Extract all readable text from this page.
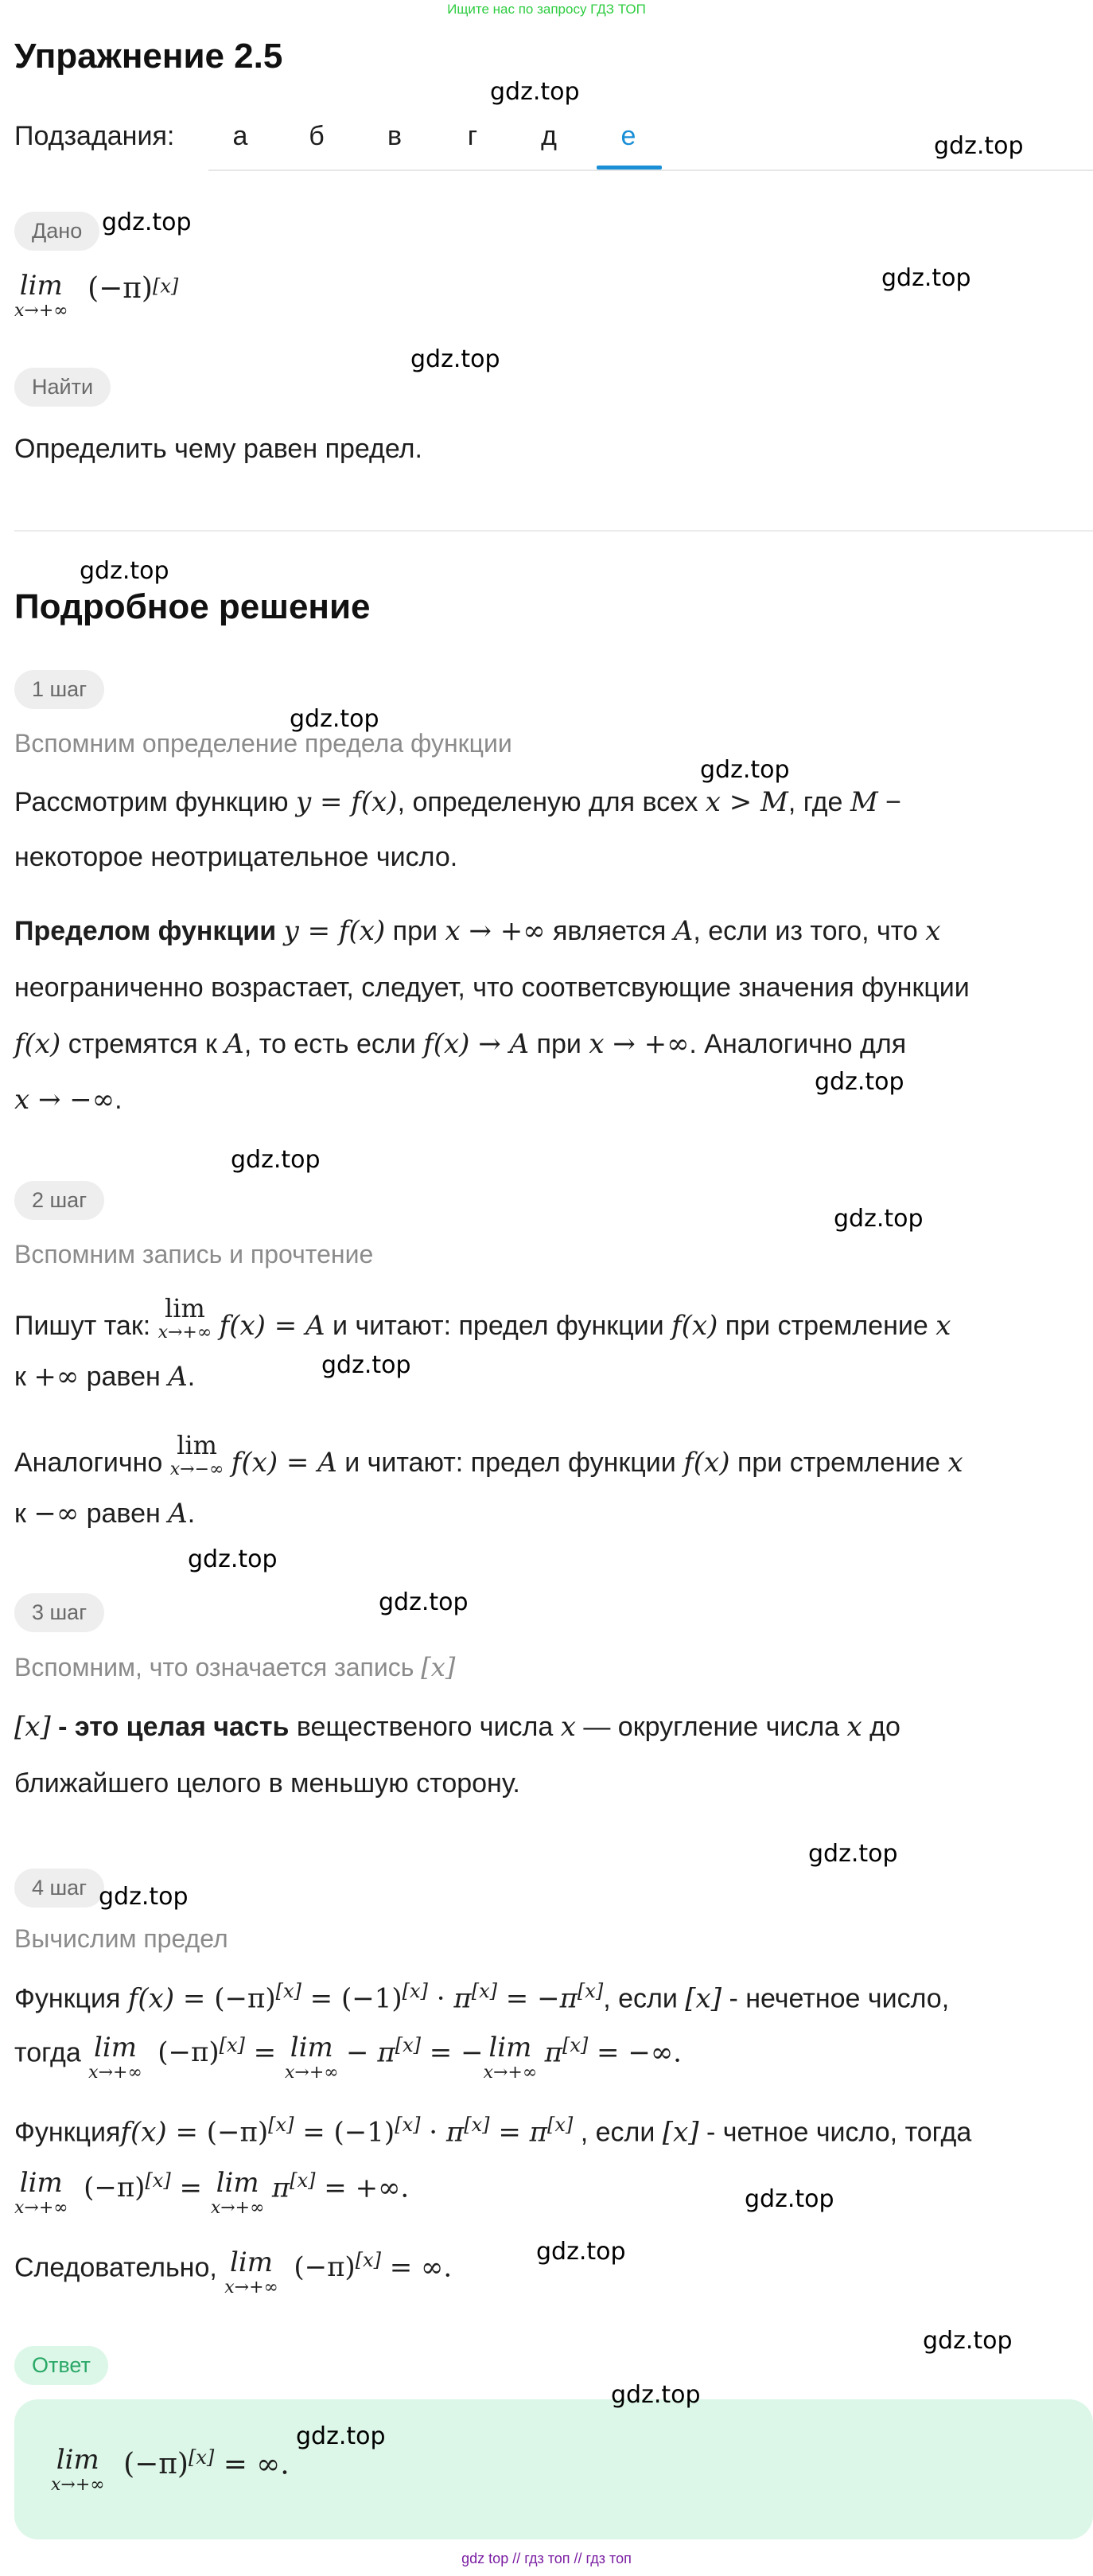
Ищите нас по запросу ГДЗ ТОП
Упражнение 2.5
Подзадания:	а	б	в	г	д	е
Дано
lim
x→+∞
(−π)[x]
Найти
Определить чему равен предел.
Подробное решение
1 шаг
Вспомним определение предела функции
Рассмотрим функцию y = f(x), определеную для всех x > M, где M −
некоторое неотрицательное число.
Пределом функции y = f(x) при x → +∞ является A, если из того, что x
неограниченно возрастает, следует, что соответсвующие значения функции
f(x) стремятся к A, то есть если f(x) → A при x → +∞. Аналогично для
x → −∞.
2 шаг
Вспомним запись и прочтение
Пишут так:
lim
x→+∞ f(x) = A и читают: предел функции f(x) при стремление x
к +∞ равен A.
Аналогично
lim
x→−∞ f(x) = A и читают: предел функции f(x) при стремление x
к −∞ равен A.
3 шаг
Вспомним, что означается запись [x]
[x] - это целая часть вещественого числа x — округление числа x до
ближайшего целого в меньшую сторону.
4 шаг
Вычислим предел
Функция f(x) = (−π)[x] = (−1)[x] · π[x] = −π[x], если [x] - нечетное число,
тогда lim
x→+∞
(−π)[x] = lim
x→+∞
− π[x] = − lim
x→+∞
π[x] = −∞.
Функцияf(x) = (−π)[x] = (−1)[x] · π[x] = π[x] , если [x] - четное число, тогда
lim
x→+∞
(−π)[x] = lim
x→+∞
π[x] = +∞.
Следовательно, lim
x→+∞
(−π)[x] = ∞.
Ответ
lim
x→+∞
(−π)[x] = ∞.
gdz.top
gdz.top
gdz.top
gdz.top
gdz.top
gdz.top
gdz.top
gdz.top
gdz.top
gdz.top
gdz.top
gdz.top
gdz.top
gdz.top
gdz.top
gdz.top
gdz.top
gdz.top
gdz.top
gdz.top
gdz.top
gdz top // гдз топ // гдз топ
